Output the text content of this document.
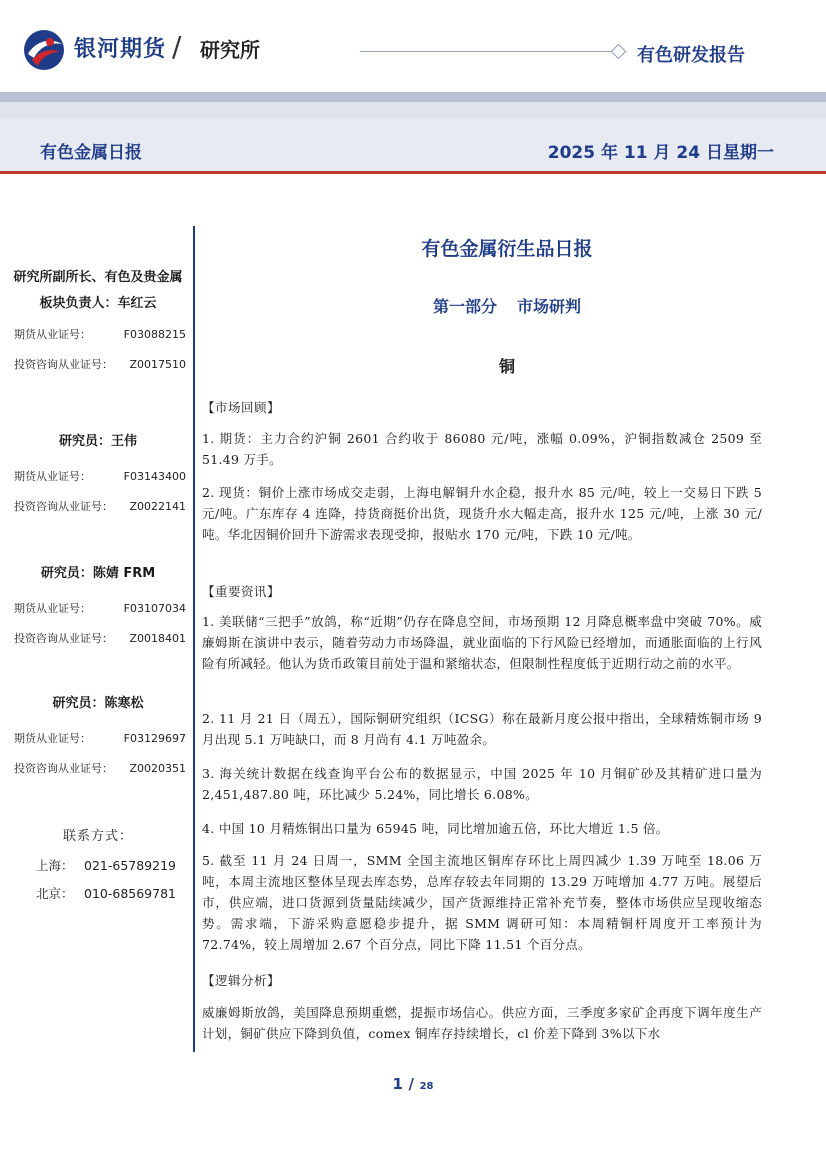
银河期货 / 研究所	有色研发报告
有色金属日报	2025 年 11 月 24 日星期一
研究所副所长、有色及贵金属板块负责人：车红云
期货从业证号：	F03088215
投资咨询从业证号： Z0017510
研究员：王伟
期货从业证号：	F03143400
投资咨询从业证号： Z0022141
研究员：陈婧 FRM
期货从业证号：	F03107034
投资咨询从业证号： Z0018401
研究员：陈寒松
期货从业证号：	F03129697
投资咨询从业证号： Z0020351
联系方式：
上海： 021-65789219
北京： 010-68569781
有色金属衍生品日报
第一部分 市场研判
铜
【市场回顾】
1. 期货：主力合约沪铜 2601 合约收于 86080 元/吨，涨幅 0.09%，沪铜指数减仓 2509 至 51.49 万手。
2. 现货：铜价上涨市场成交走弱，上海电解铜升水企稳，报升水 85 元/吨，较上一交易日下跌 5 元/吨。广东库存 4 连降，持货商挺价出货，现货升水大幅走高，报升水 125 元/吨，上涨 30 元/吨。华北因铜价回升下游需求表现受抑，报贴水 170 元/吨，下跌 10 元/吨。
【重要资讯】
1. 美联储“三把手”放鸽，称“近期”仍存在降息空间，市场预期 12 月降息概率盘中突破 70%。威廉姆斯在演讲中表示，随着劳动力市场降温，就业面临的下行风险已经增加，而通胀面临的上行风险有所减轻。他认为货币政策目前处于温和紧缩状态，但限制性程度低于近期行动之前的水平。
2. 11 月 21 日（周五），国际铜研究组织（ICSG）称在最新月度公报中指出，全球精炼铜市场 9 月出现 5.1 万吨缺口，而 8 月尚有 4.1 万吨盈余。
3. 海关统计数据在线查询平台公布的数据显示，中国 2025 年 10 月铜矿砂及其精矿进口量为 2,451,487.80 吨，环比减少 5.24%，同比增长 6.08%。
4. 中国 10 月精炼铜出口量为 65945 吨，同比增加逾五倍，环比大增近 1.5 倍。
5. 截至 11 月 24 日周一，SMM 全国主流地区铜库存环比上周四减少 1.39 万吨至 18.06 万吨，本周主流地区整体呈现去库态势，总库存较去年同期的 13.29 万吨增加 4.77 万吨。展望后市，供应端，进口货源到货量陆续减少，国产货源维持正常补充节奏，整体市场供应呈现收缩态势。需求端，下游采购意愿稳步提升，据 SMM 调研可知：本周精铜杆周度开工率预计为 72.74%，较上周增加 2.67 个百分点，同比下降 11.51 个百分点。
【逻辑分析】
威廉姆斯放鸽，美国降息预期重燃，提振市场信心。供应方面，三季度多家矿企再度下调年度生产计划，铜矿供应下降到负值，comex 铜库存持续增长，cl 价差下降到 3%以下水
1 / 28
